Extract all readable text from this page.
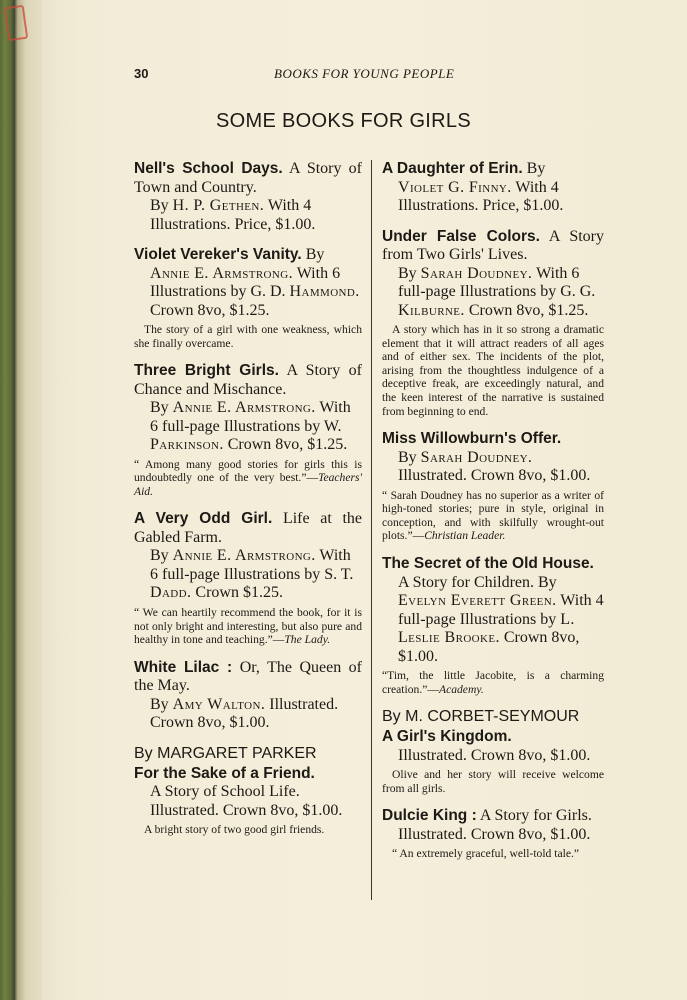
30	BOOKS FOR YOUNG PEOPLE
SOME BOOKS FOR GIRLS
Nell's School Days. A Story of Town and Country.
By H. P. Gethen. With 4 Illustrations. Price, $1.00.
Violet Vereker's Vanity. By
Annie E. Armstrong. With 6 Illustrations by G. D. Hammond. Crown 8vo, $1.25.
The story of a girl with one weakness, which she finally overcame.
Three Bright Girls. A Story of Chance and Mischance.
By Annie E. Armstrong. With 6 full-page Illustrations by W. Parkinson. Crown 8vo, $1.25.
“ Among many good stories for girls this is undoubtedly one of the very best.”—Teachers' Aid.
A Very Odd Girl. Life at the Gabled Farm.
By Annie E. Armstrong. With 6 full-page Illustrations by S. T. Dadd. Crown $1.25.
“ We can heartily recommend the book, for it is not only bright and interesting, but also pure and healthy in tone and teaching.”—The Lady.
White Lilac : Or, The Queen of the May.
By Amy Walton. Illustrated. Crown 8vo, $1.00.
By MARGARET PARKER
For the Sake of a Friend.
A Story of School Life. Illustrated. Crown 8vo, $1.00.
A bright story of two good girl friends.
A Daughter of Erin. By
Violet G. Finny. With 4 Illustrations. Price, $1.00.
Under False Colors. A Story from Two Girls' Lives.
By Sarah Doudney. With 6 full-page Illustrations by G. G. Kilburne. Crown 8vo, $1.25.
A story which has in it so strong a dramatic element that it will attract readers of all ages and of either sex. The incidents of the plot, arising from the thoughtless indulgence of a deceptive freak, are exceedingly natural, and the keen interest of the narrative is sustained from beginning to end.
Miss Willowburn's Offer.
By Sarah Doudney. Illustrated. Crown 8vo, $1.00.
“ Sarah Doudney has no superior as a writer of high-toned stories; pure in style, original in conception, and with skilfully wrought-out plots.”—Christian Leader.
The Secret of the Old House.
A Story for Children. By Evelyn Everett Green. With 4 full-page Illustrations by L. Leslie Brooke. Crown 8vo, $1.00.
“Tim, the little Jacobite, is a charming creation.”—Academy.
By M. CORBET-SEYMOUR
A Girl's Kingdom.
Illustrated. Crown 8vo, $1.00.
Olive and her story will receive welcome from all girls.
Dulcie King : A Story for Girls.
Illustrated. Crown 8vo, $1.00.
“ An extremely graceful, well-told tale.”
